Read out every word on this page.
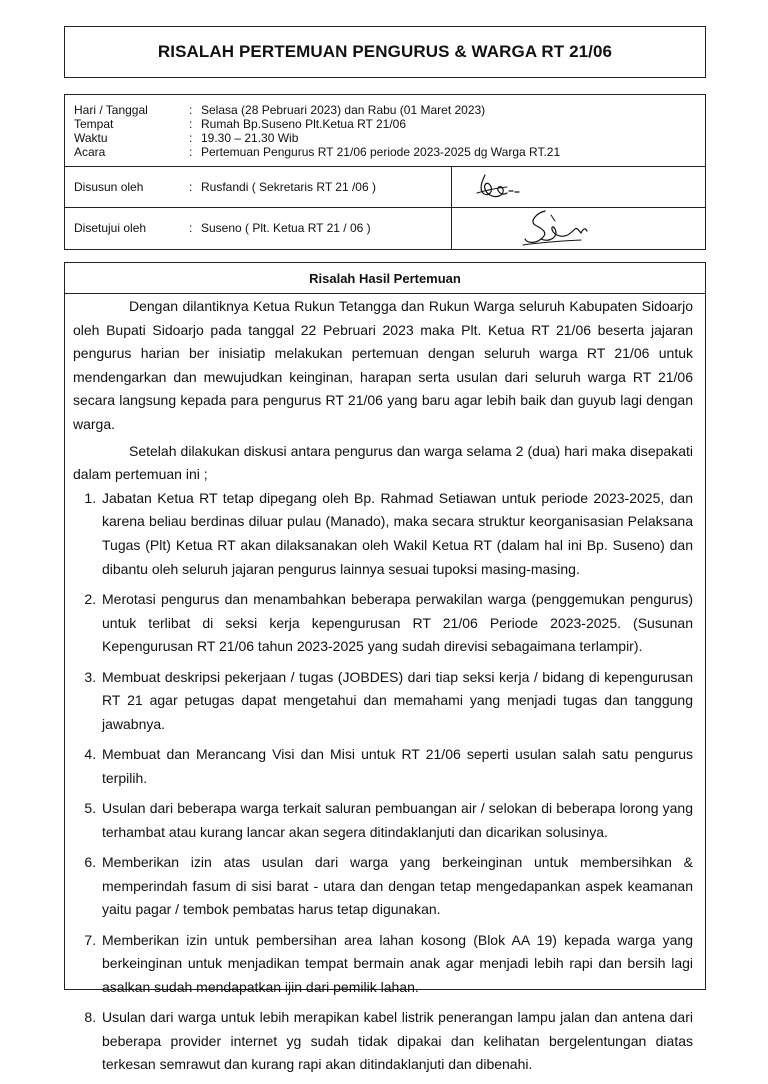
RISALAH PERTEMUAN PENGURUS & WARGA RT 21/06
Hari / Tanggal	: Selasa (28 Pebruari 2023) dan Rabu (01 Maret 2023)
Tempat	: Rumah Bp.Suseno Plt.Ketua RT 21/06
Waktu	: 19.30 – 21.30 Wib
Acara	: Pertemuan Pengurus RT 21/06 periode 2023-2025 dg Warga RT.21
Disusun oleh	: Rusfandi ( Sekretaris RT 21 /06 )
Disetujui oleh	: Suseno ( Plt. Ketua RT 21 / 06 )
Risalah Hasil Pertemuan

Dengan dilantiknya Ketua Rukun Tetangga dan Rukun Warga seluruh Kabupaten Sidoarjo oleh Bupati Sidoarjo pada tanggal 22 Pebruari 2023 maka Plt. Ketua RT 21/06 beserta jajaran pengurus harian ber inisiatip melakukan pertemuan dengan seluruh warga RT 21/06 untuk mendengarkan dan mewujudkan keinginan, harapan serta usulan dari seluruh warga RT 21/06 secara langsung kepada para pengurus RT 21/06 yang baru agar lebih baik dan guyub lagi dengan warga.

Setelah dilakukan diskusi antara pengurus dan warga selama 2 (dua) hari maka disepakati dalam pertemuan ini ;

1. Jabatan Ketua RT tetap dipegang oleh Bp. Rahmad Setiawan untuk periode 2023-2025, dan karena beliau berdinas diluar pulau (Manado), maka secara struktur keorganisasian Pelaksana Tugas (Plt) Ketua RT akan dilaksanakan oleh Wakil Ketua RT (dalam hal ini Bp. Suseno) dan dibantu oleh seluruh jajaran pengurus lainnya sesuai tupoksi masing-masing.
2. Merotasi pengurus dan menambahkan beberapa perwakilan warga (penggemukan pengurus) untuk terlibat di seksi kerja kepengurusan RT 21/06 Periode 2023-2025. (Susunan Kepengurusan RT 21/06 tahun 2023-2025 yang sudah direvisi sebagaimana terlampir).
3. Membuat deskripsi pekerjaan / tugas (JOBDES) dari tiap seksi kerja / bidang di kepengurusan RT 21 agar petugas dapat mengetahui dan memahami yang menjadi tugas dan tanggung jawabnya.
4. Membuat dan Merancang Visi dan Misi untuk RT 21/06 seperti usulan salah satu pengurus terpilih.
5. Usulan dari beberapa warga terkait saluran pembuangan air / selokan di beberapa lorong yang terhambat atau kurang lancar akan segera ditindaklanjuti dan dicarikan solusinya.
6. Memberikan izin atas usulan dari warga yang berkeinginan untuk membersihkan & memperindah fasum di sisi barat - utara dan dengan tetap mengedapankan aspek keamanan yaitu pagar / tembok pembatas harus tetap digunakan.
7. Memberikan izin untuk pembersihan area lahan kosong (Blok AA 19) kepada warga yang berkeinginan untuk menjadikan tempat bermain anak agar menjadi lebih rapi dan bersih lagi asalkan sudah mendapatkan ijin dari pemilik lahan.
8. Usulan dari warga untuk lebih merapikan kabel listrik penerangan lampu jalan dan antena dari beberapa provider internet yg sudah tidak dipakai dan kelihatan bergelentungan diatas terkesan semrawut dan kurang rapi akan ditindaklanjuti dan dibenahi.
